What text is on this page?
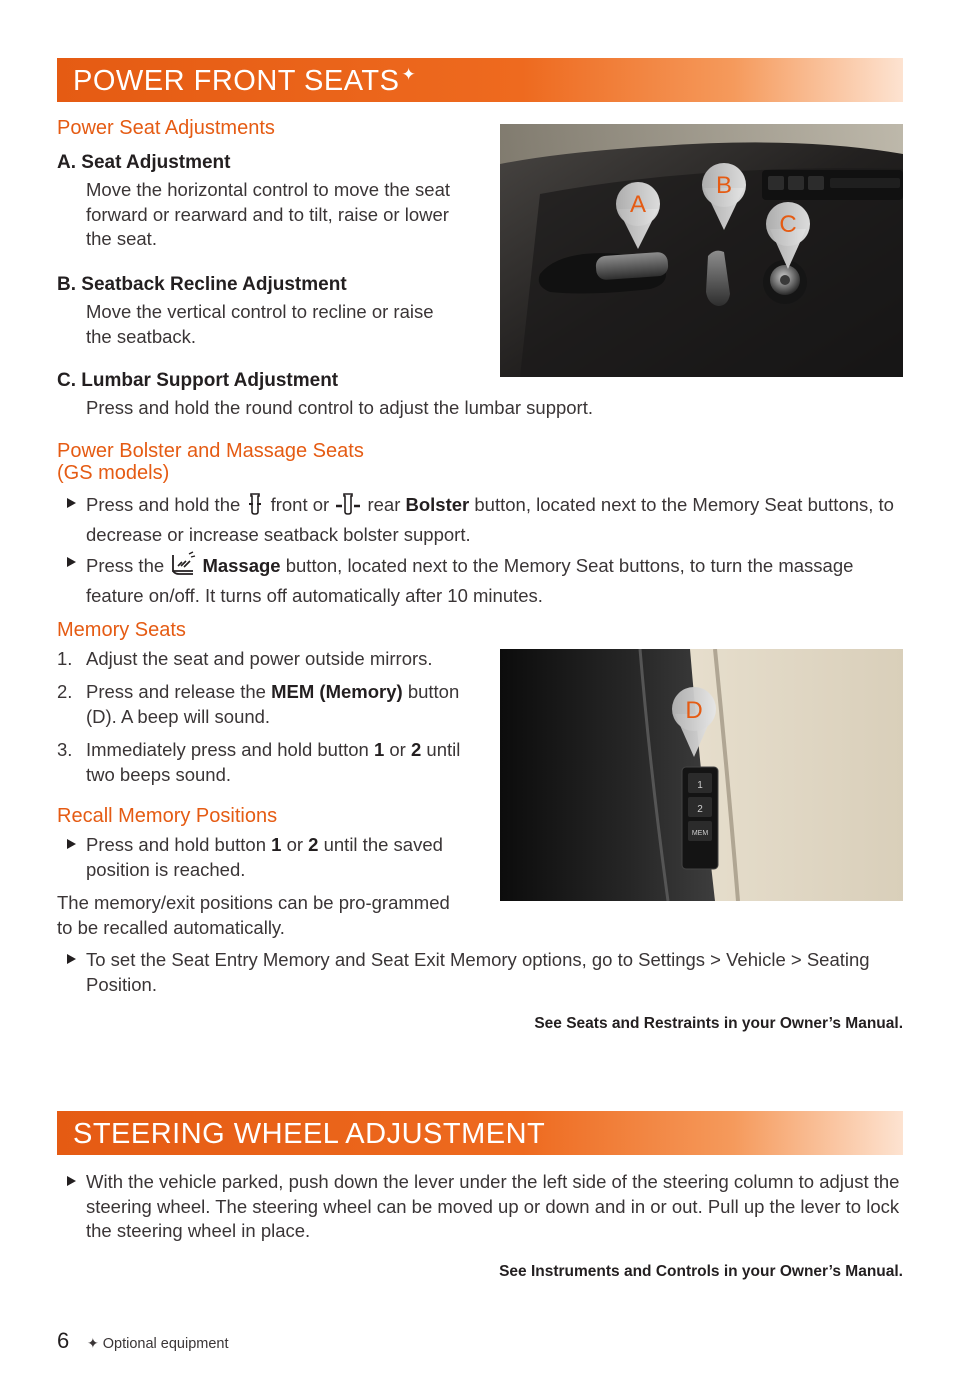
POWER FRONT SEATS ✦
Power Seat Adjustments
A. Seat Adjustment
Move the horizontal control to move the seat forward or rearward and to tilt, raise or lower the seat.
B. Seatback Recline Adjustment
Move the vertical control to recline or raise the seatback.
C. Lumbar Support Adjustment
Press and hold the round control to adjust the lumbar support.
A
B
C
Power Bolster and Massage Seats
(GS models)
Press and hold the front or rear Bolster button, located next to the Memory Seat buttons, to decrease or increase seatback bolster support.
Press the Massage button, located next to the Memory Seat buttons, to turn the massage feature on/off. It turns off automatically after 10 minutes.
Memory Seats
1. Adjust the seat and power outside mirrors.
2. Press and release the MEM (Memory) button (D). A beep will sound.
3. Immediately press and hold button 1 or 2 until two beeps sound.
1
2
MEM
D
Recall Memory Positions
Press and hold button 1 or 2 until the saved position is reached.
The memory/exit positions can be pro-grammed to be recalled automatically.
To set the Seat Entry Memory and Seat Exit Memory options, go to Settings > Vehicle > Seating Position.
See Seats and Restraints in your Owner’s Manual.
STEERING WHEEL ADJUSTMENT
With the vehicle parked, push down the lever under the left side of the steering column to adjust the steering wheel. The steering wheel can be moved up or down and in or out. Pull up the lever to lock the steering wheel in place.
See Instruments and Controls in your Owner’s Manual.
6 ✦ Optional equipment
